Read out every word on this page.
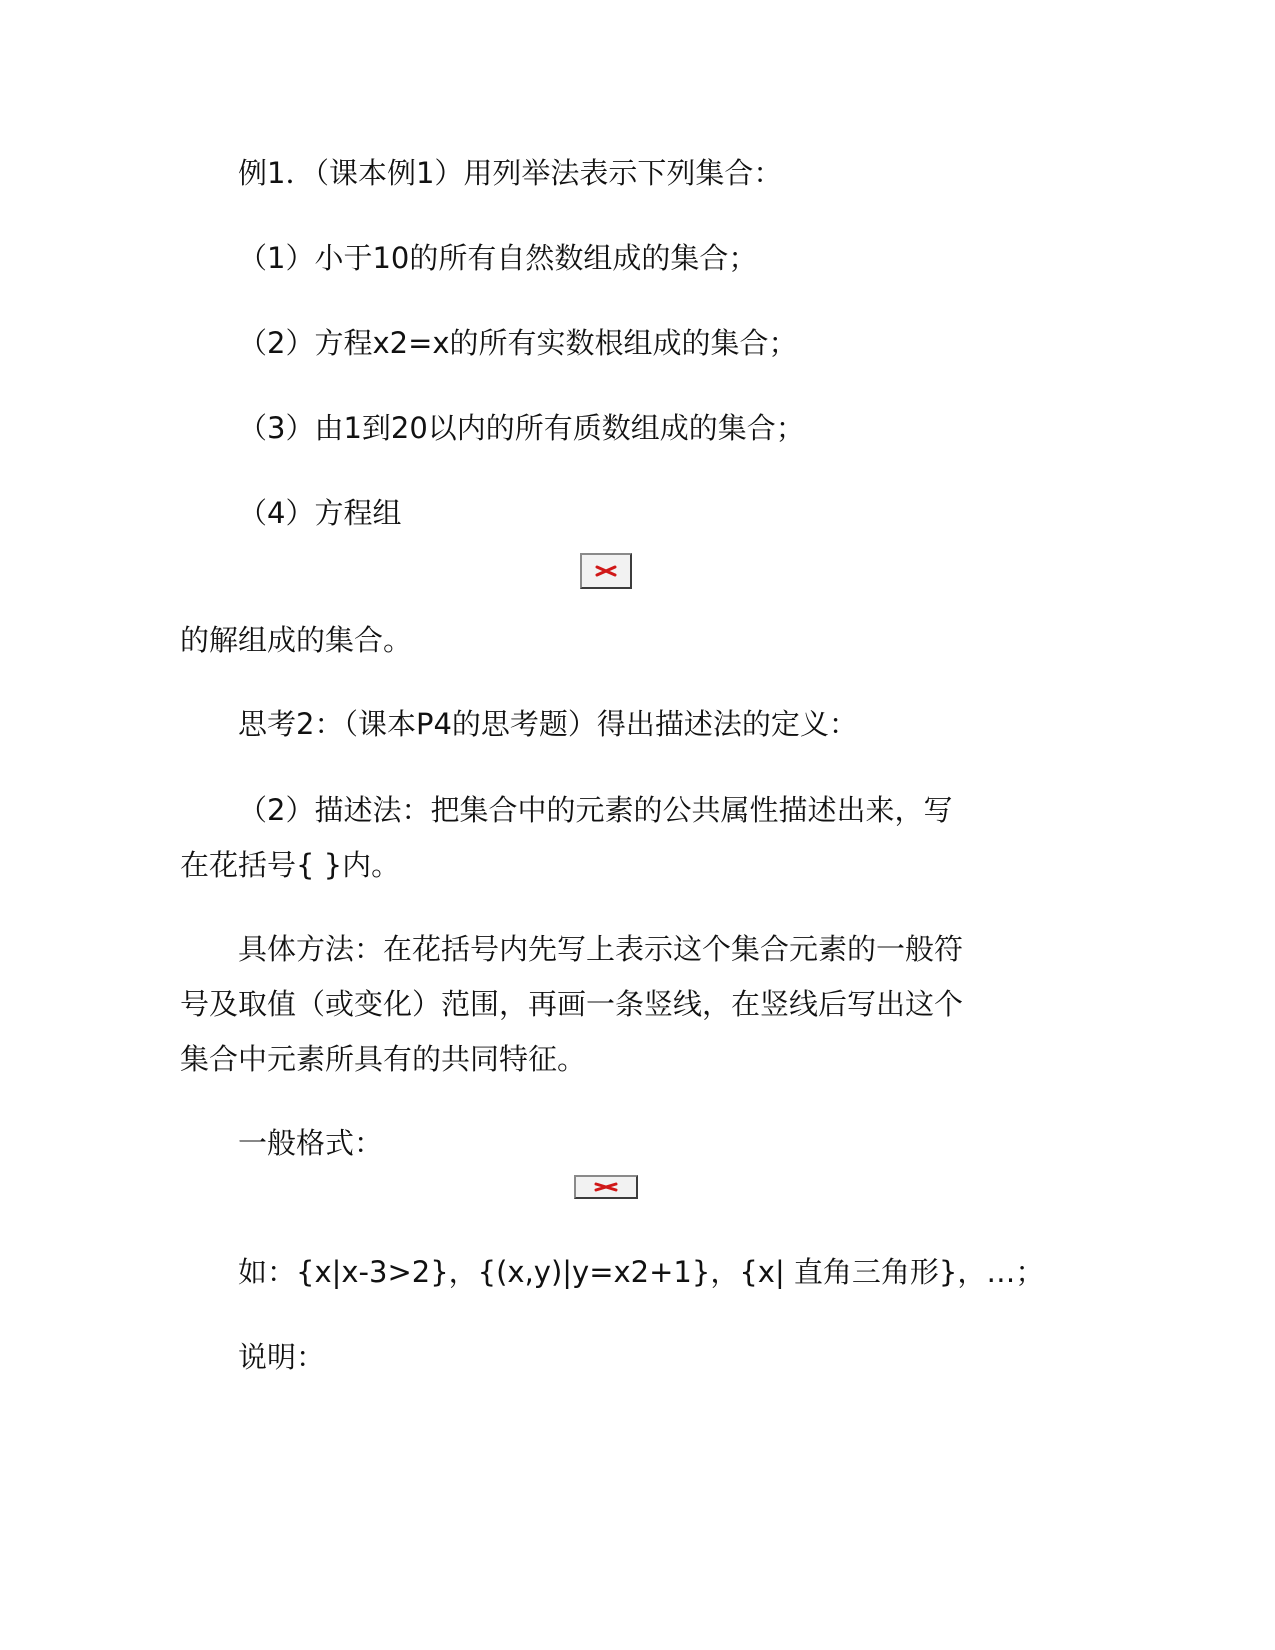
例1．（课本例1）用列举法表示下列集合：
（1）小于10的所有自然数组成的集合；
（2）方程x2=x的所有实数根组成的集合；
（3）由1到20以内的所有质数组成的集合；
（4）方程组
的解组成的集合。
思考2：（课本P4的思考题）得出描述法的定义：
（2）描述法：把集合中的元素的公共属性描述出来，写
在花括号{ }内。
具体方法：在花括号内先写上表示这个集合元素的一般符
号及取值（或变化）范围，再画一条竖线，在竖线后写出这个
集合中元素所具有的共同特征。
一般格式：
如：{x|x-3>2}，{(x,y)|y=x2+1}，{x| 直角三角形}，…；
说明：
